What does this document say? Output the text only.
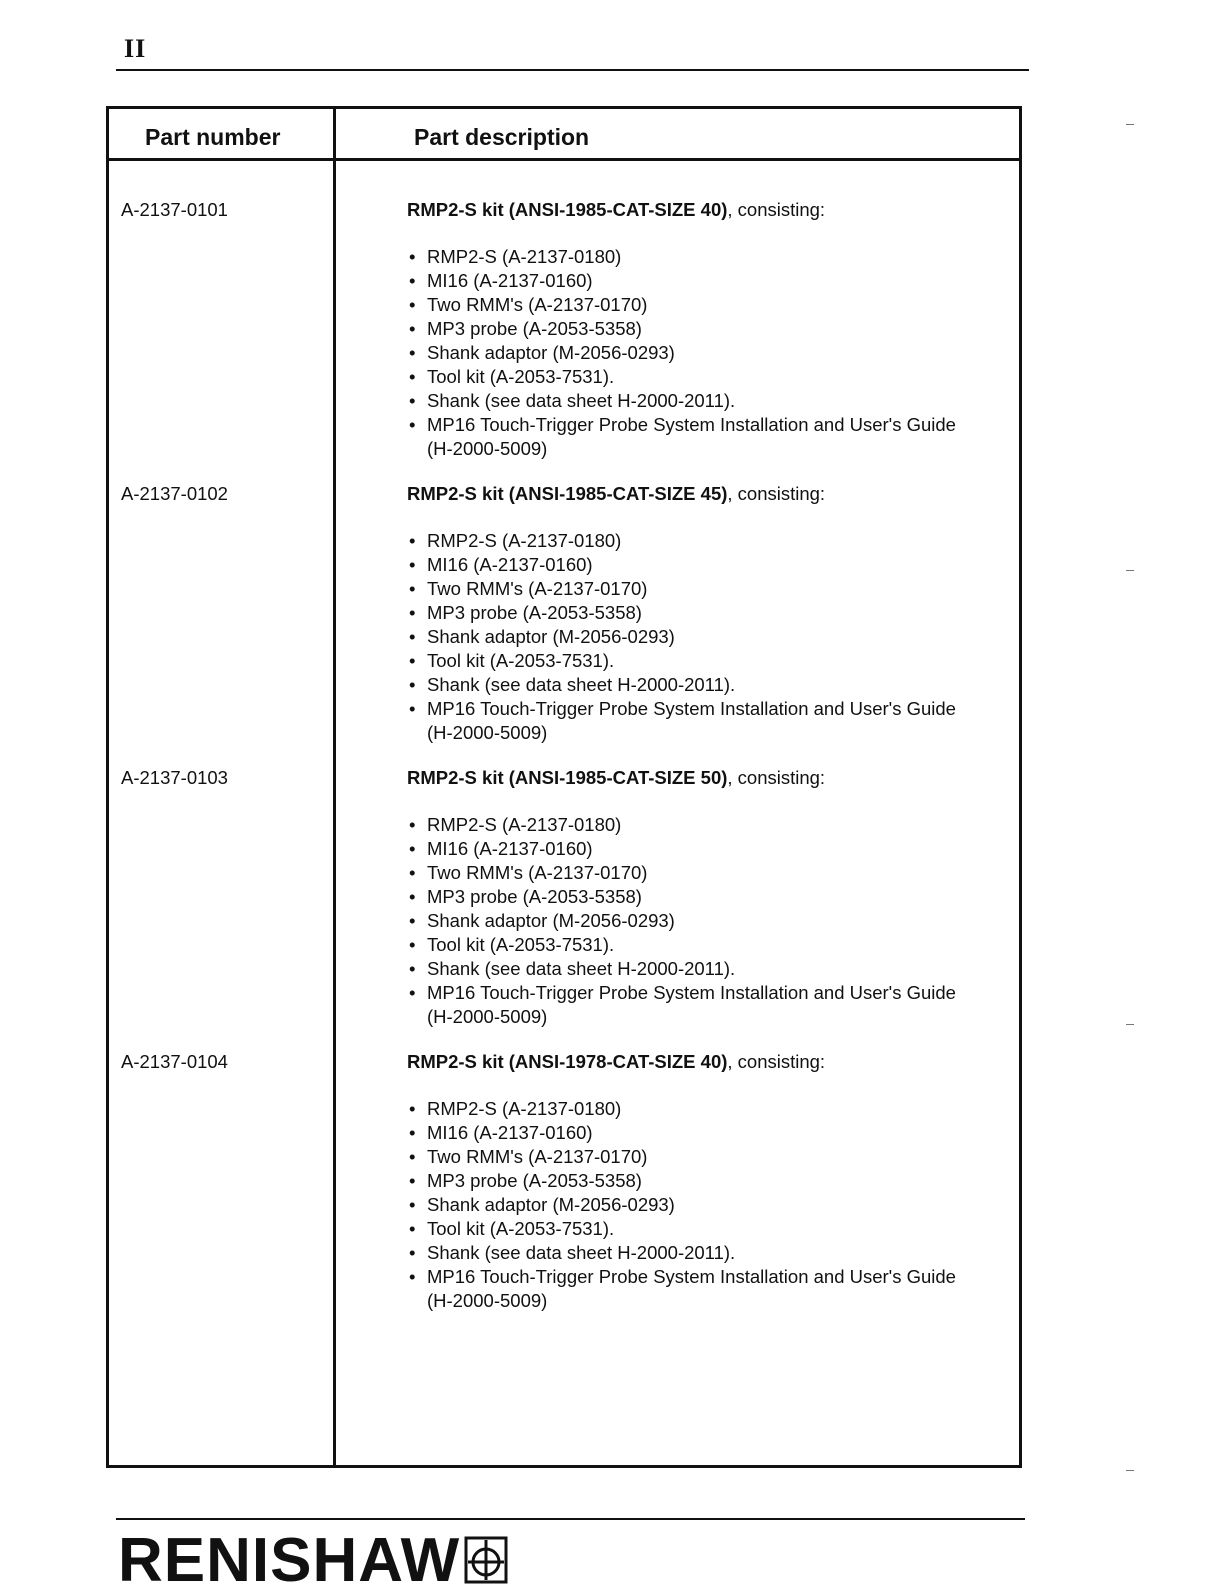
II
Part number	Part description
A-2137-0101	RMP2-S kit (ANSI-1985-CAT-SIZE 40), consisting:
• RMP2-S (A-2137-0180)
• MI16 (A-2137-0160)
• Two RMM's (A-2137-0170)
• MP3 probe (A-2053-5358)
• Shank adaptor (M-2056-0293)
• Tool kit (A-2053-7531).
• Shank (see data sheet H-2000-2011).
• MP16 Touch-Trigger Probe System Installation and User's Guide (H-2000-5009)
A-2137-0102	RMP2-S kit (ANSI-1985-CAT-SIZE 45), consisting:
• RMP2-S (A-2137-0180)
• MI16 (A-2137-0160)
• Two RMM's (A-2137-0170)
• MP3 probe (A-2053-5358)
• Shank adaptor (M-2056-0293)
• Tool kit (A-2053-7531).
• Shank (see data sheet H-2000-2011).
• MP16 Touch-Trigger Probe System Installation and User's Guide (H-2000-5009)
A-2137-0103	RMP2-S kit (ANSI-1985-CAT-SIZE 50), consisting:
• RMP2-S (A-2137-0180)
• MI16 (A-2137-0160)
• Two RMM's (A-2137-0170)
• MP3 probe (A-2053-5358)
• Shank adaptor (M-2056-0293)
• Tool kit (A-2053-7531).
• Shank (see data sheet H-2000-2011).
• MP16 Touch-Trigger Probe System Installation and User's Guide (H-2000-5009)
A-2137-0104	RMP2-S kit (ANSI-1978-CAT-SIZE 40), consisting:
• RMP2-S (A-2137-0180)
• MI16 (A-2137-0160)
• Two RMM's (A-2137-0170)
• MP3 probe (A-2053-5358)
• Shank adaptor (M-2056-0293)
• Tool kit (A-2053-7531).
• Shank (see data sheet H-2000-2011).
• MP16 Touch-Trigger Probe System Installation and User's Guide (H-2000-5009)
RENISHAW
